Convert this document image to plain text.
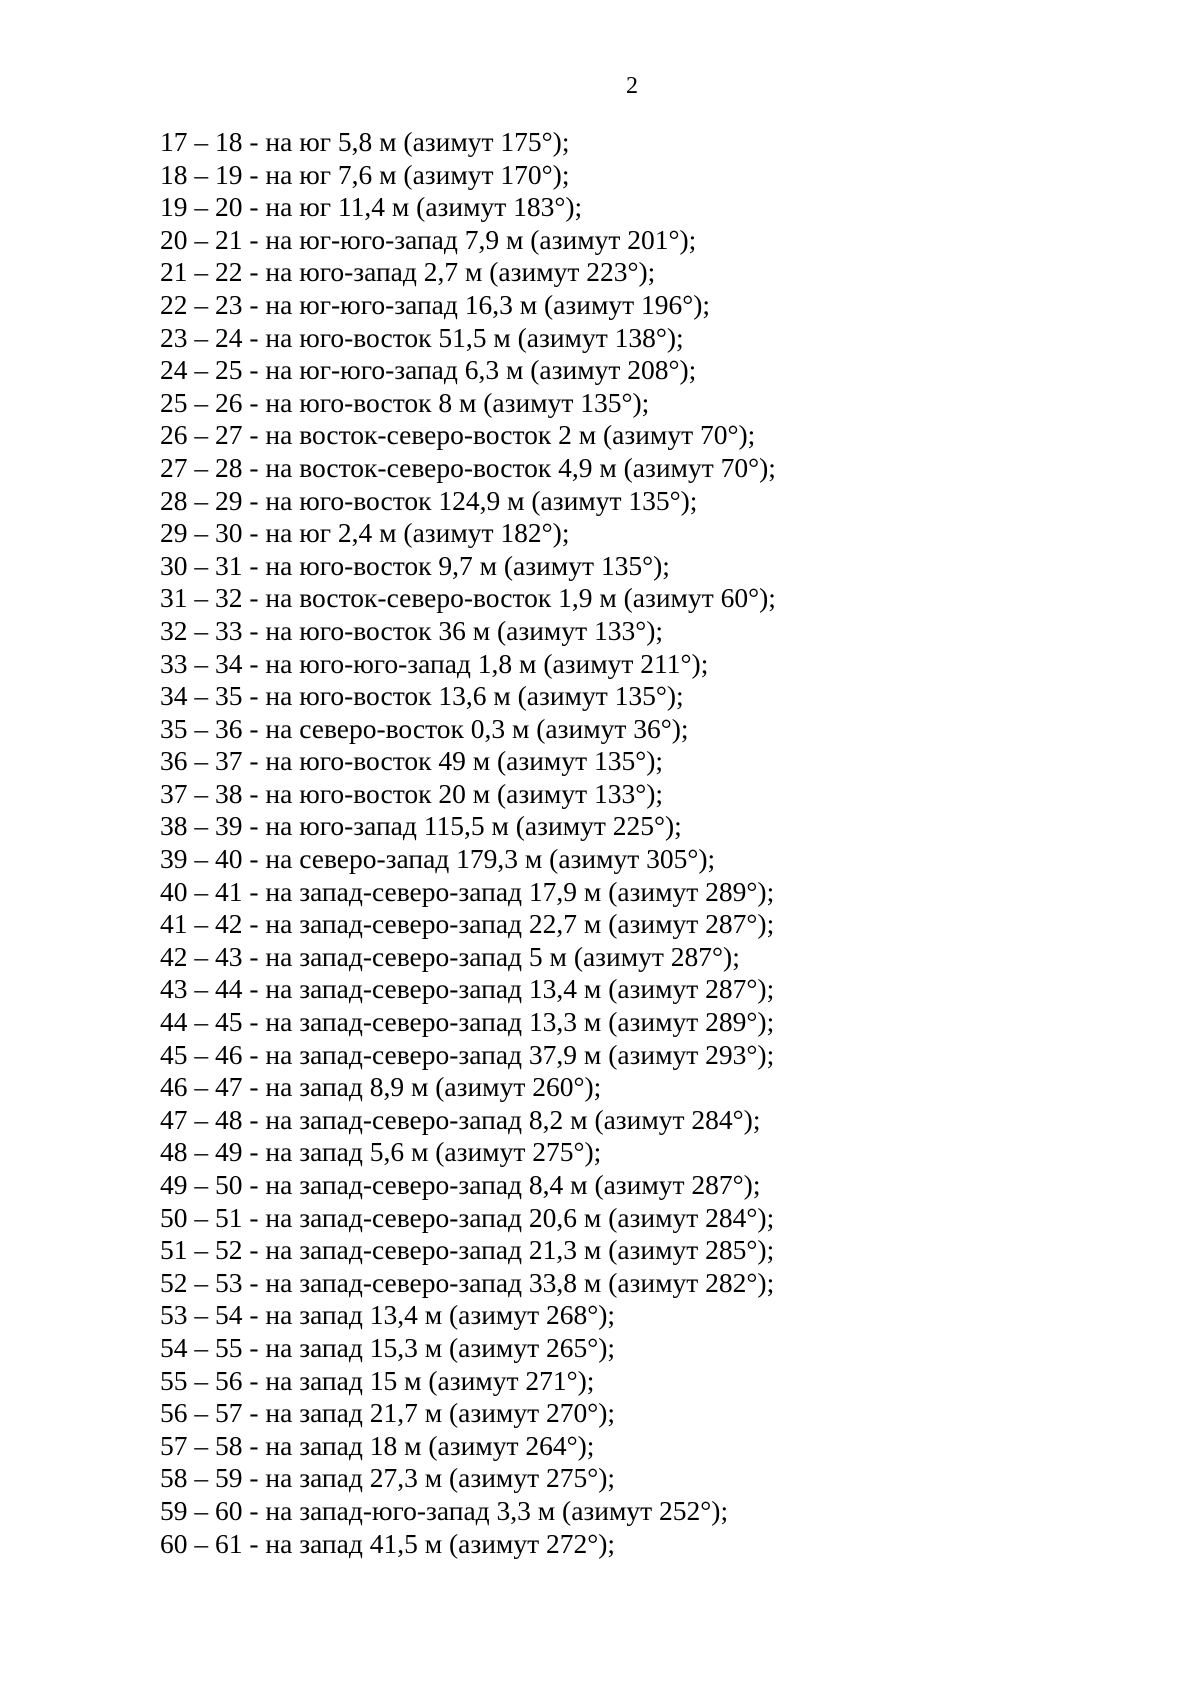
2
17 – 18 - на юг 5,8 м (азимут 175°);
18 – 19 - на юг 7,6 м (азимут 170°);
19 – 20 - на юг 11,4 м (азимут 183°);
20 – 21 - на юг-юго-запад 7,9 м (азимут 201°);
21 – 22 - на юго-запад 2,7 м (азимут 223°);
22 – 23 - на юг-юго-запад 16,3 м (азимут 196°);
23 – 24 - на юго-восток 51,5 м (азимут 138°);
24 – 25 - на юг-юго-запад 6,3 м (азимут 208°);
25 – 26 - на юго-восток 8 м (азимут 135°);
26 – 27 - на восток-северо-восток 2 м (азимут 70°);
27 – 28 - на восток-северо-восток 4,9 м (азимут 70°);
28 – 29 - на юго-восток 124,9 м (азимут 135°);
29 – 30 - на юг 2,4 м (азимут 182°);
30 – 31 - на юго-восток 9,7 м (азимут 135°);
31 – 32 - на восток-северо-восток 1,9 м (азимут 60°);
32 – 33 - на юго-восток 36 м (азимут 133°);
33 – 34 - на юго-юго-запад 1,8 м (азимут 211°);
34 – 35 - на юго-восток 13,6 м (азимут 135°);
35 – 36 - на северо-восток 0,3 м (азимут 36°);
36 – 37 - на юго-восток 49 м (азимут 135°);
37 – 38 - на юго-восток 20 м (азимут 133°);
38 – 39 - на юго-запад 115,5 м (азимут 225°);
39 – 40 - на северо-запад 179,3 м (азимут 305°);
40 – 41 - на запад-северо-запад 17,9 м (азимут 289°);
41 – 42 - на запад-северо-запад 22,7 м (азимут 287°);
42 – 43 - на запад-северо-запад 5 м (азимут 287°);
43 – 44 - на запад-северо-запад 13,4 м (азимут 287°);
44 – 45 - на запад-северо-запад 13,3 м (азимут 289°);
45 – 46 - на запад-северо-запад 37,9 м (азимут 293°);
46 – 47 - на запад 8,9 м (азимут 260°);
47 – 48 - на запад-северо-запад 8,2 м (азимут 284°);
48 – 49 - на запад 5,6 м (азимут 275°);
49 – 50 - на запад-северо-запад 8,4 м (азимут 287°);
50 – 51 - на запад-северо-запад 20,6 м (азимут 284°);
51 – 52 - на запад-северо-запад 21,3 м (азимут 285°);
52 – 53 - на запад-северо-запад 33,8 м (азимут 282°);
53 – 54 - на запад 13,4 м (азимут 268°);
54 – 55 - на запад 15,3 м (азимут 265°);
55 – 56 - на запад 15 м (азимут 271°);
56 – 57 - на запад 21,7 м (азимут 270°);
57 – 58 - на запад 18 м (азимут 264°);
58 – 59 - на запад 27,3 м (азимут 275°);
59 – 60 - на запад-юго-запад 3,3 м (азимут 252°);
60 – 61 - на запад 41,5 м (азимут 272°);
